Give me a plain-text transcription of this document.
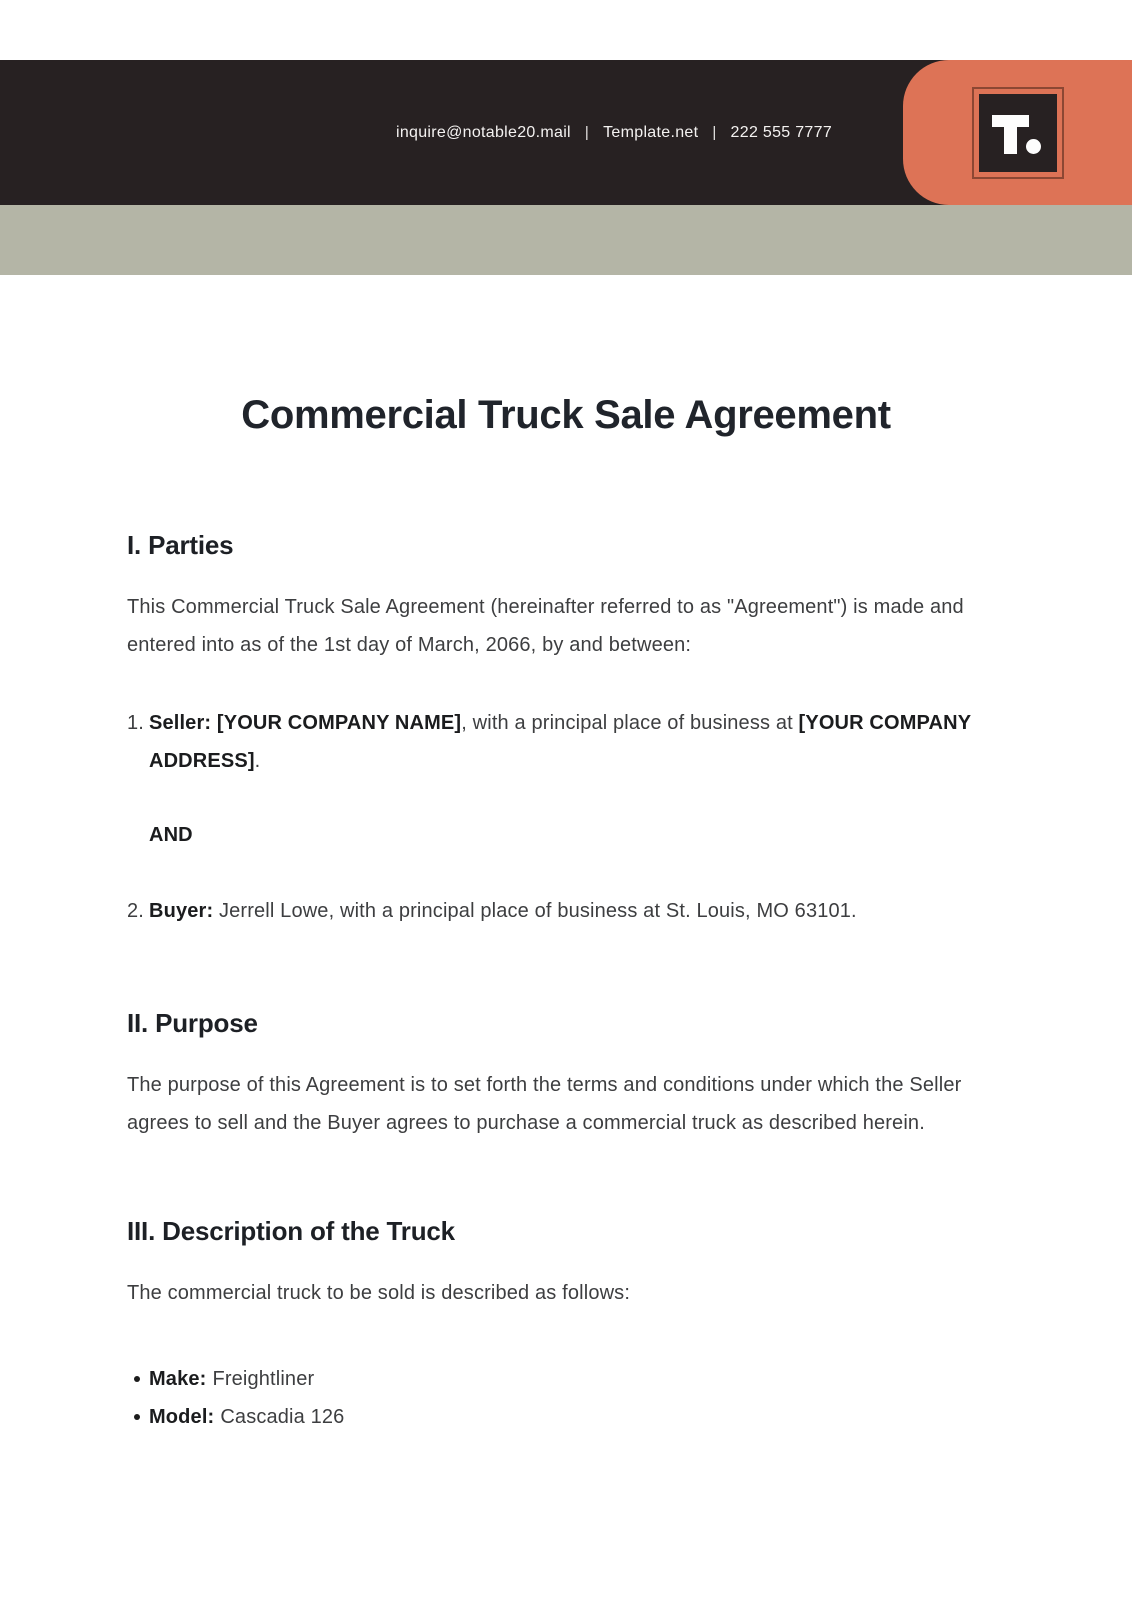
inquire@notable20.mail | Template.net | 222 555 7777
Commercial Truck Sale Agreement
I. Parties

This Commercial Truck Sale Agreement (hereinafter referred to as "Agreement") is made and entered into as of the 1st day of March, 2066, by and between:

1. Seller: [YOUR COMPANY NAME], with a principal place of business at [YOUR COMPANY ADDRESS].
AND
2. Buyer: Jerrell Lowe, with a principal place of business at St. Louis, MO 63101.
II. Purpose

The purpose of this Agreement is to set forth the terms and conditions under which the Seller agrees to sell and the Buyer agrees to purchase a commercial truck as described herein.

III. Description of the Truck

The commercial truck to be sold is described as follows:

Make: Freightliner
Model: Cascadia 126
